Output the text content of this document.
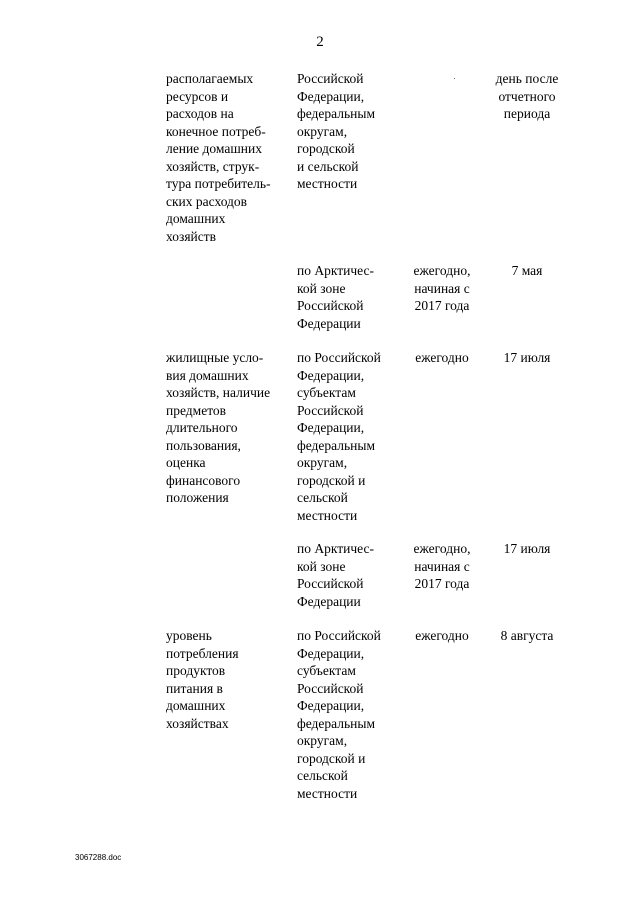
2

располагаемых
ресурсов и
расходов на
конечное потреб-
ление домашних
хозяйств, струк-
тура потребитель-
ских расходов
домашних
хозяйств

Российской
Федерации,
федеральным
округам,
городской
и сельской
местности

день после
отчетного
периода

по Арктичес-
кой зоне
Российской
Федерации

ежегодно,
начиная с
2017 года

7 мая

жилищные усло-
вия домашних
хозяйств, наличие
предметов
длительного
пользования,
оценка
финансового
положения

по Российской
Федерации,
субъектам
Российской
Федерации,
федеральным
округам,
городской и
сельской
местности

ежегодно	17 июля

по Арктичес-
кой зоне
Российской
Федерации

ежегодно,
начиная с
2017 года

17 июля

уровень
потребления
продуктов
питания в
домашних
хозяйствах

по Российской
Федерации,
субъектам
Российской
Федерации,
федеральным
округам,
городской и
сельской
местности

ежегодно	8 августа

3067288.doc
